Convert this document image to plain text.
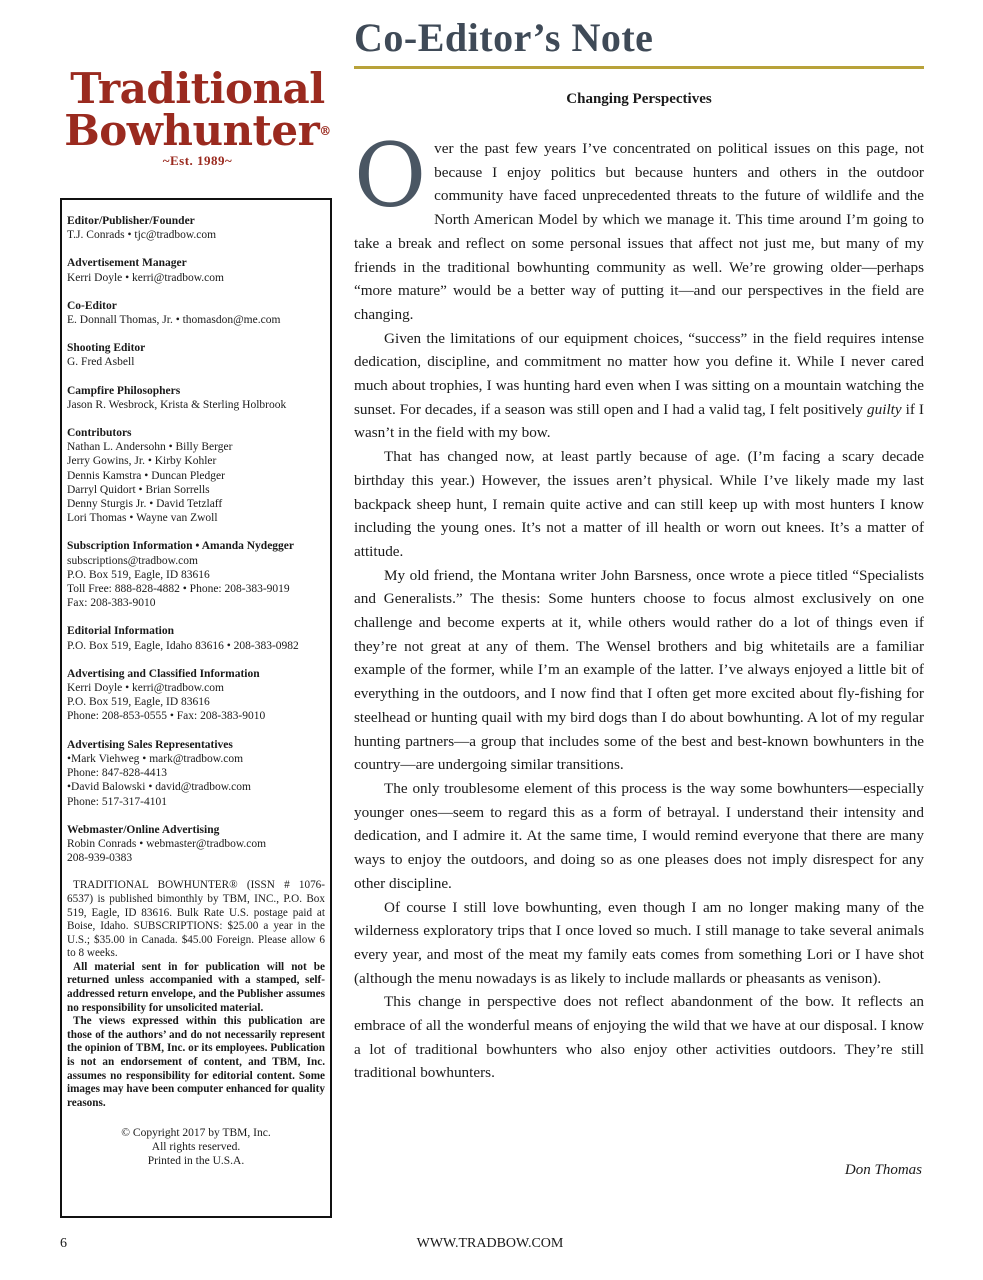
Co-Editor’s Note
Traditional
Bowhunter®
~Est. 1989~
Editor/Publisher/Founder
T.J. Conrads • tjc@tradbow.com
Advertisement Manager
Kerri Doyle • kerri@tradbow.com
Co-Editor
E. Donnall Thomas, Jr. • thomasdon@me.com
Shooting Editor
G. Fred Asbell
Campfire Philosophers
Jason R. Wesbrock, Krista & Sterling Holbrook
Contributors
Nathan L. Andersohn • Billy Berger
Jerry Gowins, Jr. • Kirby Kohler
Dennis Kamstra • Duncan Pledger
Darryl Quidort • Brian Sorrells
Denny Sturgis Jr. • David Tetzlaff
Lori Thomas • Wayne van Zwoll
Subscription Information • Amanda Nydegger
subscriptions@tradbow.com
P.O. Box 519, Eagle, ID 83616
Toll Free: 888-828-4882 • Phone: 208-383-9019
Fax: 208-383-9010
Editorial Information
P.O. Box 519, Eagle, Idaho 83616 • 208-383-0982
Advertising and Classified Information
Kerri Doyle • kerri@tradbow.com
P.O. Box 519, Eagle, ID 83616
Phone: 208-853-0555 • Fax: 208-383-9010
Advertising Sales Representatives
•Mark Viehweg • mark@tradbow.com
Phone: 847-828-4413
•David Balowski • david@tradbow.com
Phone: 517-317-4101
Webmaster/Online Advertising
Robin Conrads • webmaster@tradbow.com
208-939-0383

TRADITIONAL BOWHUNTER® (ISSN # 1076-6537) is published bimonthly by TBM, INC., P.O. Box 519, Eagle, ID 83616. Bulk Rate U.S. postage paid at Boise, Idaho. SUBSCRIPTIONS: $25.00 a year in the U.S.; $35.00 in Canada. $45.00 Foreign. Please allow 6 to 8 weeks.

All material sent in for publication will not be returned unless accompanied with a stamped, self-addressed return envelope, and the Publisher assumes no responsibility for unsolicited material.

The views expressed within this publication are those of the authors’ and do not necessarily represent the opinion of TBM, Inc. or its employees. Publication is not an endorsement of content, and TBM, Inc. assumes no responsibility for editorial content. Some images may have been computer enhanced for quality reasons.

© Copyright 2017 by TBM, Inc.
All rights reserved.
Printed in the U.S.A.
Changing Perspectives

Over the past few years I’ve concentrated on political issues on this page, not because I enjoy politics but because hunters and others in the outdoor community have faced unprecedented threats to the future of wildlife and the North American Model by which we manage it. This time around I’m going to take a break and reflect on some personal issues that affect not just me, but many of my friends in the traditional bowhunting community as well. We’re growing older—perhaps “more mature” would be a better way of putting it—and our perspectives in the field are changing.

Given the limitations of our equipment choices, “success” in the field requires intense dedication, discipline, and commitment no matter how you define it. While I never cared much about trophies, I was hunting hard even when I was sitting on a mountain watching the sunset. For decades, if a season was still open and I had a valid tag, I felt positively guilty if I wasn’t in the field with my bow.

That has changed now, at least partly because of age. (I’m facing a scary decade birthday this year.) However, the issues aren’t physical. While I’ve likely made my last backpack sheep hunt, I remain quite active and can still keep up with most hunters I know including the young ones. It’s not a matter of ill health or worn out knees. It’s a matter of attitude.

My old friend, the Montana writer John Barsness, once wrote a piece titled “Specialists and Generalists.” The thesis: Some hunters choose to focus almost exclusively on one challenge and become experts at it, while others would rather do a lot of things even if they’re not great at any of them. The Wensel brothers and big whitetails are a familiar example of the former, while I’m an example of the latter. I’ve always enjoyed a little bit of everything in the outdoors, and I now find that I often get more excited about fly-fishing for steelhead or hunting quail with my bird dogs than I do about bowhunting. A lot of my regular hunting partners—a group that includes some of the best and best-known bowhunters in the country—are undergoing similar transitions.

The only troublesome element of this process is the way some bowhunters—especially younger ones—seem to regard this as a form of betrayal. I understand their intensity and dedication, and I admire it. At the same time, I would remind everyone that there are many ways to enjoy the outdoors, and doing so as one pleases does not imply disrespect for any other discipline.

Of course I still love bowhunting, even though I am no longer making many of the wilderness exploratory trips that I once loved so much. I still manage to take several animals every year, and most of the meat my family eats comes from something Lori or I have shot (although the menu nowadays is as likely to include mallards or pheasants as venison).

This change in perspective does not reflect abandonment of the bow. It reflects an embrace of all the wonderful means of enjoying the wild that we have at our disposal. I know a lot of traditional bowhunters who also enjoy other activities outdoors. They’re still traditional bowhunters.

Don Thomas
6	WWW.TRADBOW.COM
